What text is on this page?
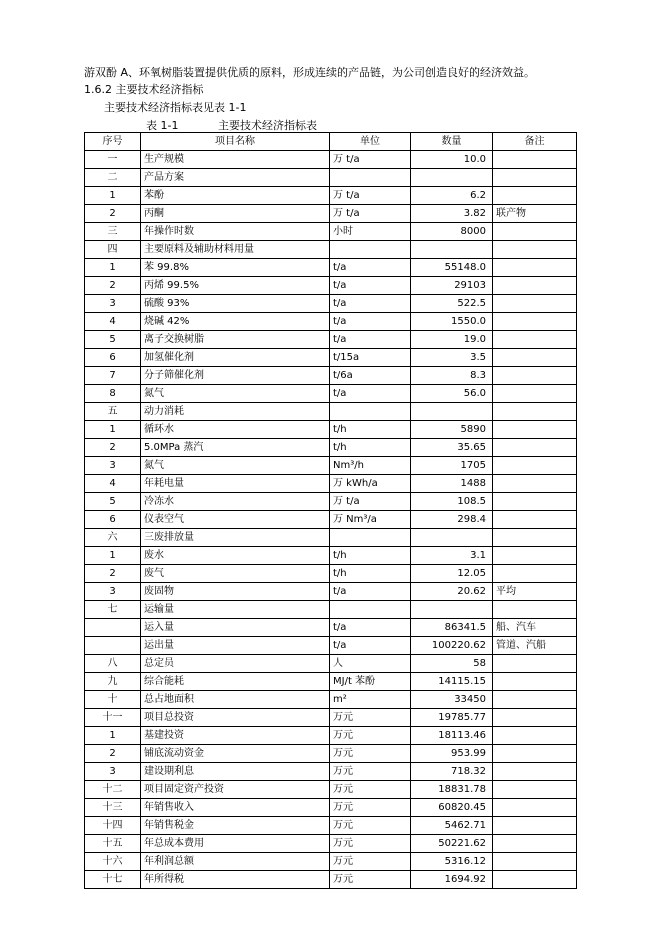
游双酚 A、环氧树脂装置提供优质的原料，形成连续的产品链，为公司创造良好的经济效益。
1.6.2 主要技术经济指标
主要技术经济指标表见表 1-1
表 1-1	主要技术经济指标表
序号	项目名称	单位	数量	备注
一	生产规模	万 t/a	10.0	
二	产品方案			
1	苯酚	万 t/a	6.2	
2	丙酮	万 t/a	3.82	联产物
三	年操作时数	小时	8000	
四	主要原料及辅助材料用量			
1	苯 99.8%	t/a	55148.0	
2	丙烯 99.5%	t/a	29103	
3	硫酸 93%	t/a	522.5	
4	烧碱 42%	t/a	1550.0	
5	离子交换树脂	t/a	19.0	
6	加氢催化剂	t/15a	3.5	
7	分子筛催化剂	t/6a	8.3	
8	氮气	t/a	56.0	
五	动力消耗			
1	循环水	t/h	5890	
2	5.0MPa 蒸汽	t/h	35.65	
3	氮气	Nm³/h	1705	
4	年耗电量	万 kWh/a	1488	
5	冷冻水	万 t/a	108.5	
6	仪表空气	万 Nm³/a	298.4	
六	三废排放量			
1	废水	t/h	3.1	
2	废气	t/h	12.05	
3	废固物	t/a	20.62	平均
七	运输量			
	运入量	t/a	86341.5	船、汽车
	运出量	t/a	100220.62	管道、汽船
八	总定员	人	58	
九	综合能耗	MJ/t 苯酚	14115.15	
十	总占地面积	m²	33450	
十一	项目总投资	万元	19785.77	
1	基建投资	万元	18113.46	
2	铺底流动资金	万元	953.99	
3	建设期利息	万元	718.32	
十二	项目固定资产投资	万元	18831.78	
十三	年销售收入	万元	60820.45	
十四	年销售税金	万元	5462.71	
十五	年总成本费用	万元	50221.62	
十六	年利润总额	万元	5316.12	
十七	年所得税	万元	1694.92	
